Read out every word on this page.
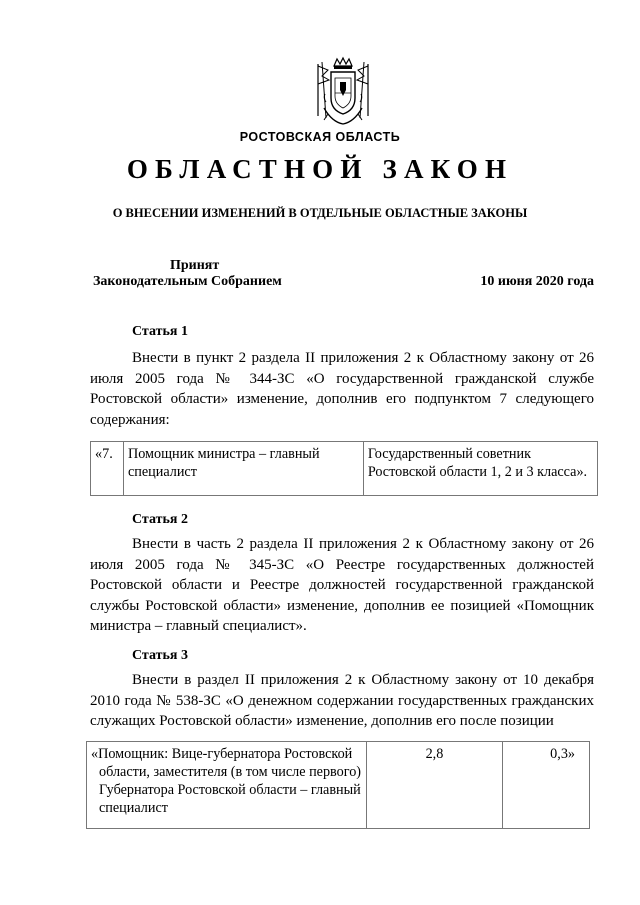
РОСТОВСКАЯ ОБЛАСТЬ
ОБЛАСТНОЙ ЗАКОН
О ВНЕСЕНИИ ИЗМЕНЕНИЙ В ОТДЕЛЬНЫЕ ОБЛАСТНЫЕ ЗАКОНЫ
Принят
Законодательным Собранием	10 июня 2020 года
Статья 1
Внести в пункт 2 раздела II приложения 2 к Областному закону от 26 июля 2005 года № 344-ЗС «О государственной гражданской службе Ростовской области» изменение, дополнив его подпунктом 7 следующего содержания:
«7.	Помощник министра – главный специалист	Государственный советник Ростовской области 1, 2 и 3 класса».
Статья 2
Внести в часть 2 раздела II приложения 2 к Областному закону от 26 июля 2005 года № 345-ЗС «О Реестре государственных должностей Ростовской области и Реестре должностей государственной гражданской службы Ростовской области» изменение, дополнив ее позицией «Помощник министра – главный специалист».
Статья 3
Внести в раздел II приложения 2 к Областному закону от 10 декабря 2010 года № 538-ЗС «О денежном содержании государственных гражданских служащих Ростовской области» изменение, дополнив его после позиции
«Помощник: Вице-губернатора Ростовской области, заместителя (в том числе первого) Губернатора Ростовской области – главный специалист	2,8	0,3»
